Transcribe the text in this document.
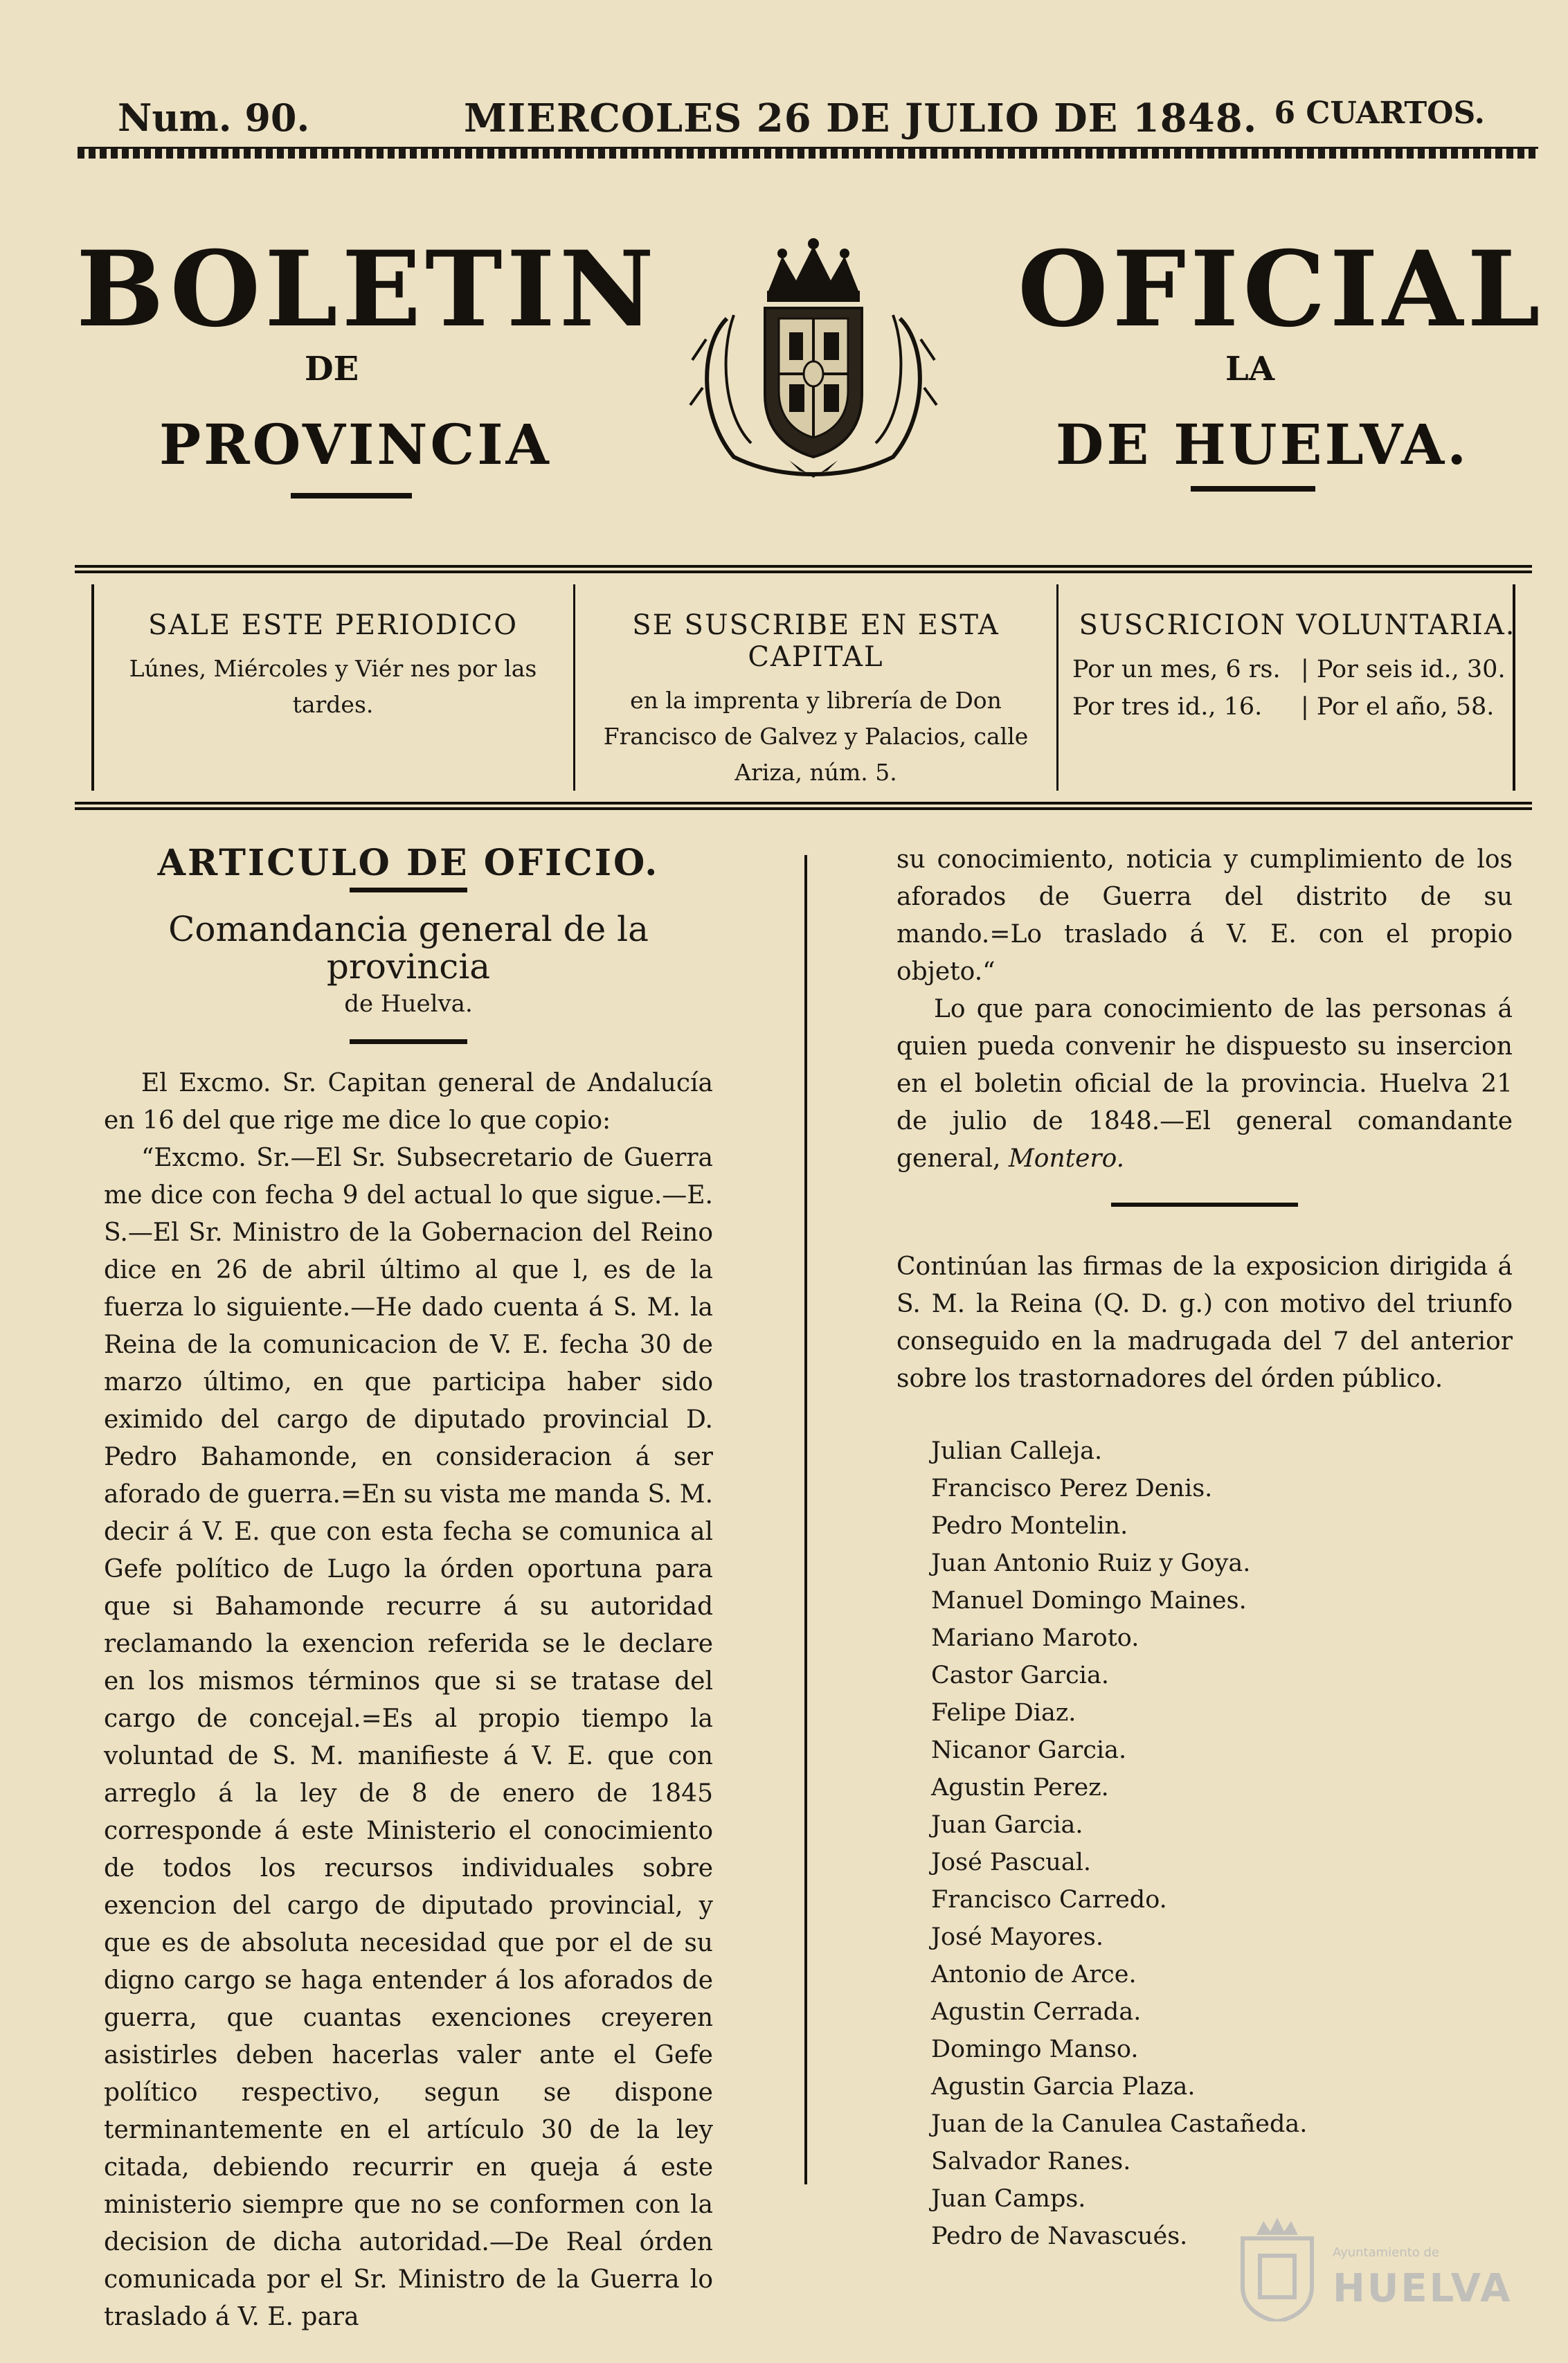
Num. 90.	MIERCOLES 26 DE JULIO DE 1848. 6 CUARTOS.
BOLETIN
DE
PROVINCIA
OFICIAL
LA
DE HUELVA.
SALE ESTE PERIODICO

Lúnes, Miércoles y Viér nes por las tardes.

SE SUSCRIBE EN ESTA CAPITAL

en la imprenta y librería de Don Francisco de Galvez y Palacios, calle Ariza, núm. 5.

SUSCRICION VOLUNTARIA.
Por un mes, 6 rs. | Por seis id., 30.
Por tres id., 16. | Por el año, 58.
ARTICULO DE OFICIO.
Comandancia general de la provincia
de Huelva.

El Excmo. Sr. Capitan general de Andalucía en 16 del que rige me dice lo que copio:

“Excmo. Sr.—El Sr. Subsecretario de Guerra me dice con fecha 9 del actual lo que sigue.—E. S.—El Sr. Ministro de la Gobernacion del Reino dice en 26 de abril último al que l, es de la fuerza lo siguiente.—He dado cuenta á S. M. la Reina de la comunicacion de V. E. fecha 30 de marzo último, en que participa haber sido eximido del cargo de diputado provincial D. Pedro Bahamonde, en consideracion á ser aforado de guerra.=En su vista me manda S. M. decir á V. E. que con esta fecha se comunica al Gefe político de Lugo la órden oportuna para que si Bahamonde recurre á su autoridad reclamando la exencion referida se le declare en los mismos términos que si se tratase del cargo de concejal.=Es al propio tiempo la voluntad de S. M. manifieste á V. E. que con arreglo á la ley de 8 de enero de 1845 corresponde á este Ministerio el conocimiento de todos los recursos individuales sobre exencion del cargo de diputado provincial, y que es de absoluta necesidad que por el de su digno cargo se haga entender á los aforados de guerra, que cuantas exenciones creyeren asistirles deben hacerlas valer ante el Gefe político respectivo, segun se dispone terminantemente en el artículo 30 de la ley citada, debiendo recurrir en queja á este ministerio siempre que no se conformen con la decision de dicha autoridad.—De Real órden comunicada por el Sr. Ministro de la Guerra lo traslado á V. E. para

su conocimiento, noticia y cumplimiento de los aforados de Guerra del distrito de su mando.=Lo traslado á V. E. con el propio objeto.“

Lo que para conocimiento de las personas á quien pueda convenir he dispuesto su insercion en el boletin oficial de la provincia. Huelva 21 de julio de 1848.—El general comandante general, Montero.

Continúan las firmas de la exposicion dirigida á S. M. la Reina (Q. D. g.) con motivo del triunfo conseguido en la madrugada del 7 del anterior sobre los trastornadores del órden público.

Julian Calleja.
Francisco Perez Denis.
Pedro Montelin.
Juan Antonio Ruiz y Goya.
Manuel Domingo Maines.
Mariano Maroto.
Castor Garcia.
Felipe Diaz.
Nicanor Garcia.
Agustin Perez.
Juan Garcia.
José Pascual.
Francisco Carredo.
José Mayores.
Antonio de Arce.
Agustin Cerrada.
Domingo Manso.
Agustin Garcia Plaza.
Juan de la Canulea Castañeda.
Salvador Ranes.
Juan Camps.
Pedro de Navascués.
Ayuntamiento de
HUELVA
